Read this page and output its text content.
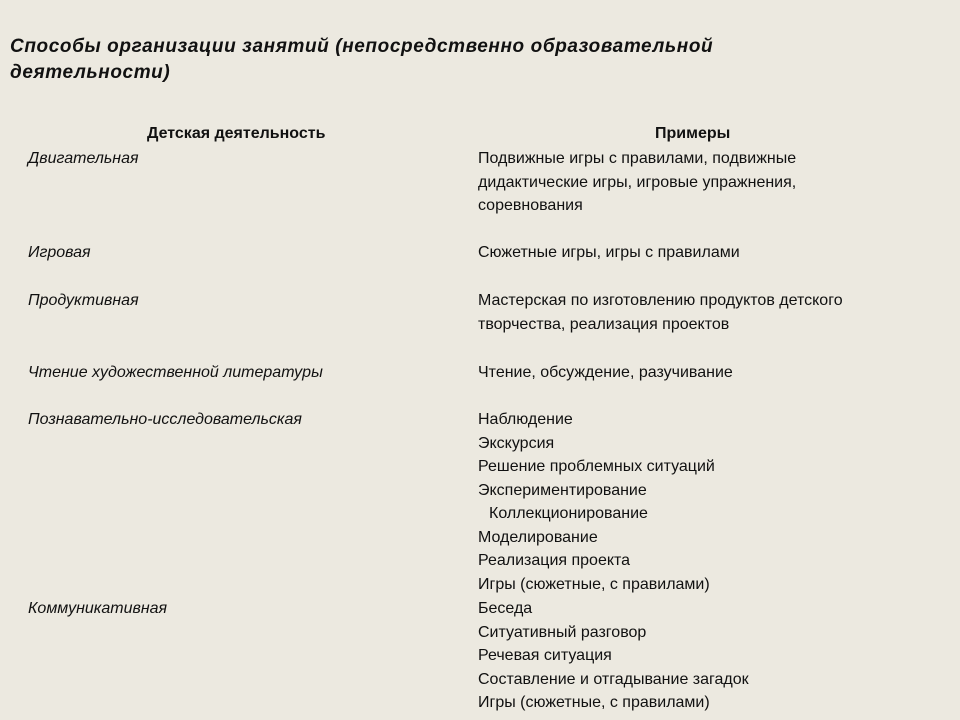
Способы организации занятий (непосредственно образовательной деятельности)
Детская деятельность	Примеры
Двигательная	Подвижные игры с правилами, подвижные
дидактические игры, игровые упражнения,
соревнования
Игровая	Сюжетные игры, игры с правилами
Продуктивная	Мастерская по изготовлению продуктов детского
творчества, реализация проектов
Чтение художественной литературы	Чтение, обсуждение, разучивание
Познавательно-исследовательская	Наблюдение
Экскурсия
Решение проблемных ситуаций
Экспериментирование
Коллекционирование
Моделирование
Реализация проекта
Игры (сюжетные, с правилами)
Коммуникативная	Беседа
Ситуативный разговор
Речевая ситуация
Составление и отгадывание загадок
Игры (сюжетные, с правилами)
